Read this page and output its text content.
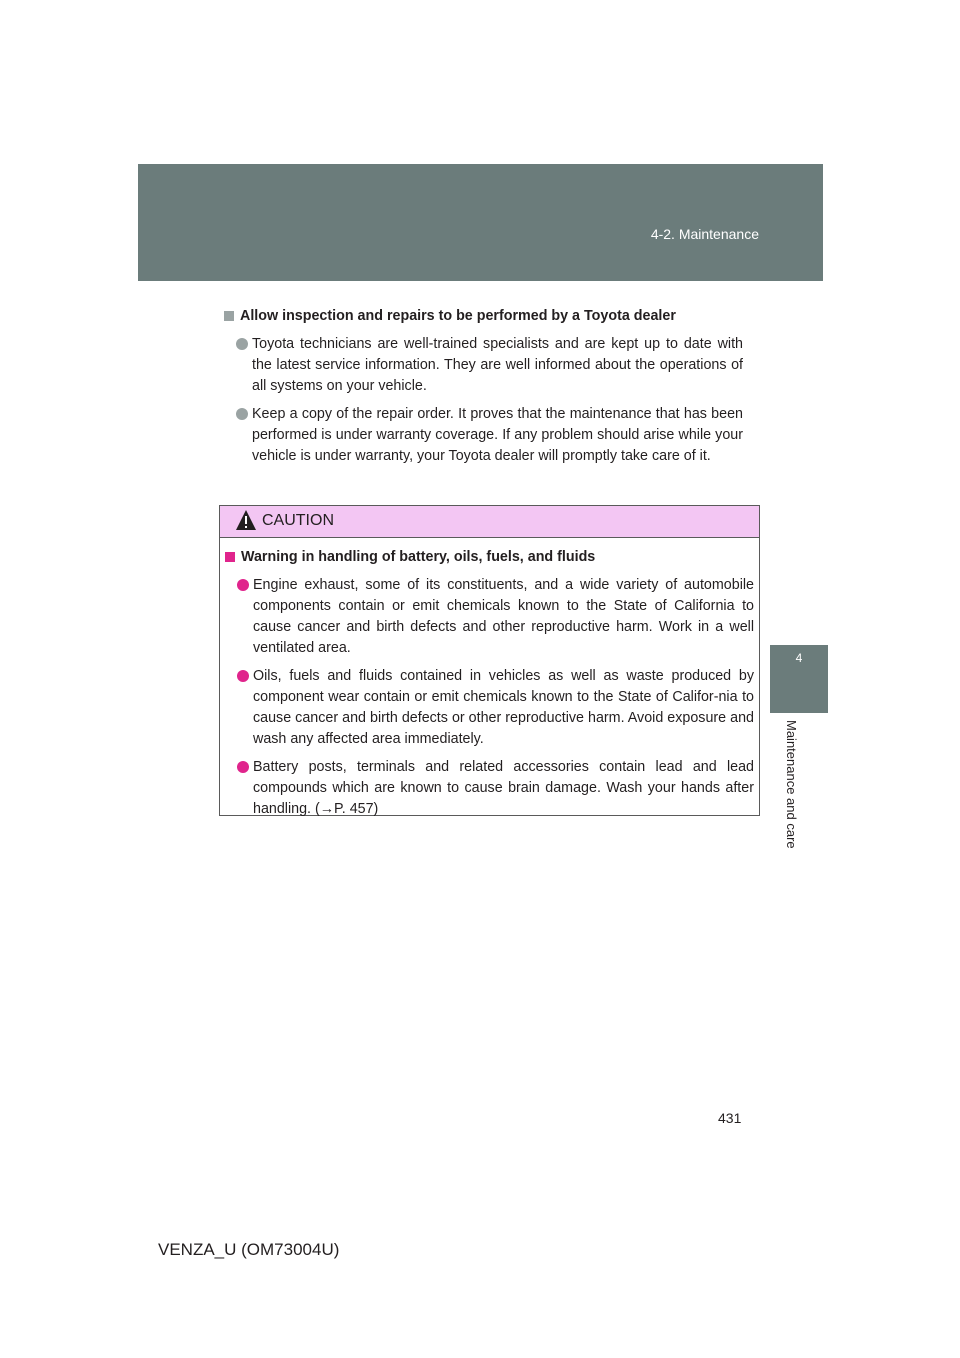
4-2. Maintenance
4
Maintenance and care
Allow inspection and repairs to be performed by a Toyota dealer
Toyota technicians are well-trained specialists and are kept up to date with the latest service information. They are well informed about the operations of all systems on your vehicle.
Keep a copy of the repair order. It proves that the maintenance that has been performed is under warranty coverage. If any problem should arise while your vehicle is under warranty, your Toyota dealer will promptly take care of it.
CAUTION
Warning in handling of battery, oils, fuels, and fluids
Engine exhaust, some of its constituents, and a wide variety of automobile components contain or emit chemicals known to the State of California to cause cancer and birth defects and other reproductive harm. Work in a well ventilated area.
Oils, fuels and fluids contained in vehicles as well as waste produced by component wear contain or emit chemicals known to the State of Califor-nia to cause cancer and birth defects or other reproductive harm. Avoid exposure and wash any affected area immediately.
Battery posts, terminals and related accessories contain lead and lead compounds which are known to cause brain damage. Wash your hands after handling. (→P. 457)
431
VENZA_U (OM73004U)
